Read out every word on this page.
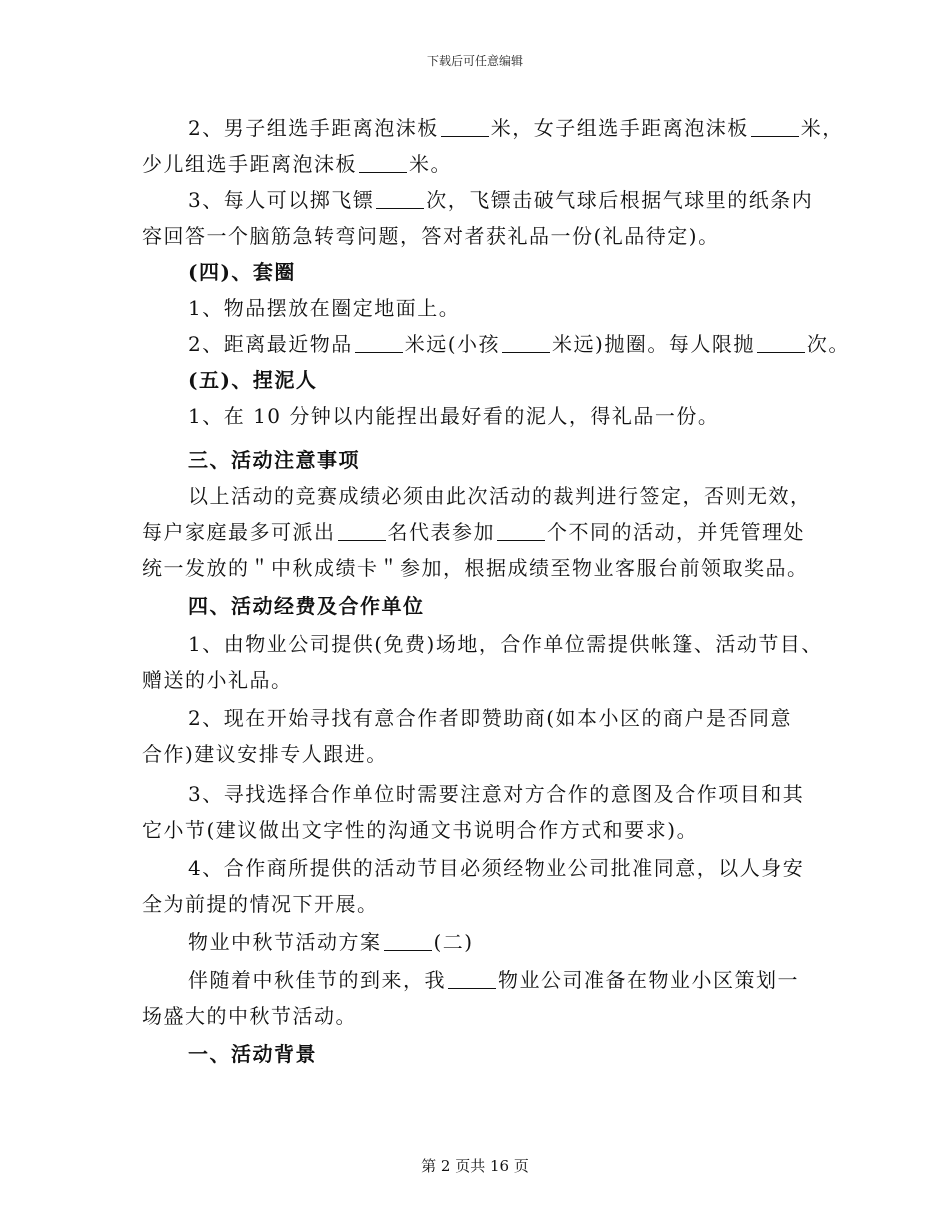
下载后可任意编辑
2、男子组选手距离泡沫板	米，女子组选手距离泡沫板	米，
少儿组选手距离泡沫板	米。
3、每人可以掷飞镖	次，飞镖击破气球后根据气球里的纸条内
容回答一个脑筋急转弯问题，答对者获礼品一份(礼品待定)。
(四)、套圈
1、物品摆放在圈定地面上。
2、距离最近物品	米远(小孩	米远)抛圈。每人限抛	次。
(五)、捏泥人
1、在 10 分钟以内能捏出最好看的泥人，得礼品一份。
三、活动注意事项
以上活动的竞赛成绩必须由此次活动的裁判进行签定，否则无效，
每户家庭最多可派出	名代表参加	个不同的活动，并凭管理处
统一发放的＂中秋成绩卡＂参加，根据成绩至物业客服台前领取奖品。
四、活动经费及合作单位
1、由物业公司提供(免费)场地，合作单位需提供帐篷、活动节目、
赠送的小礼品。
2、现在开始寻找有意合作者即赞助商(如本小区的商户是否同意
合作)建议安排专人跟进。
3、寻找选择合作单位时需要注意对方合作的意图及合作项目和其
它小节(建议做出文字性的沟通文书说明合作方式和要求)。
4、合作商所提供的活动节目必须经物业公司批准同意，以人身安
全为前提的情况下开展。
物业中秋节活动方案	(二)
伴随着中秋佳节的到来，我	物业公司准备在物业小区策划一
场盛大的中秋节活动。
一、活动背景
第 2 页共 16 页
